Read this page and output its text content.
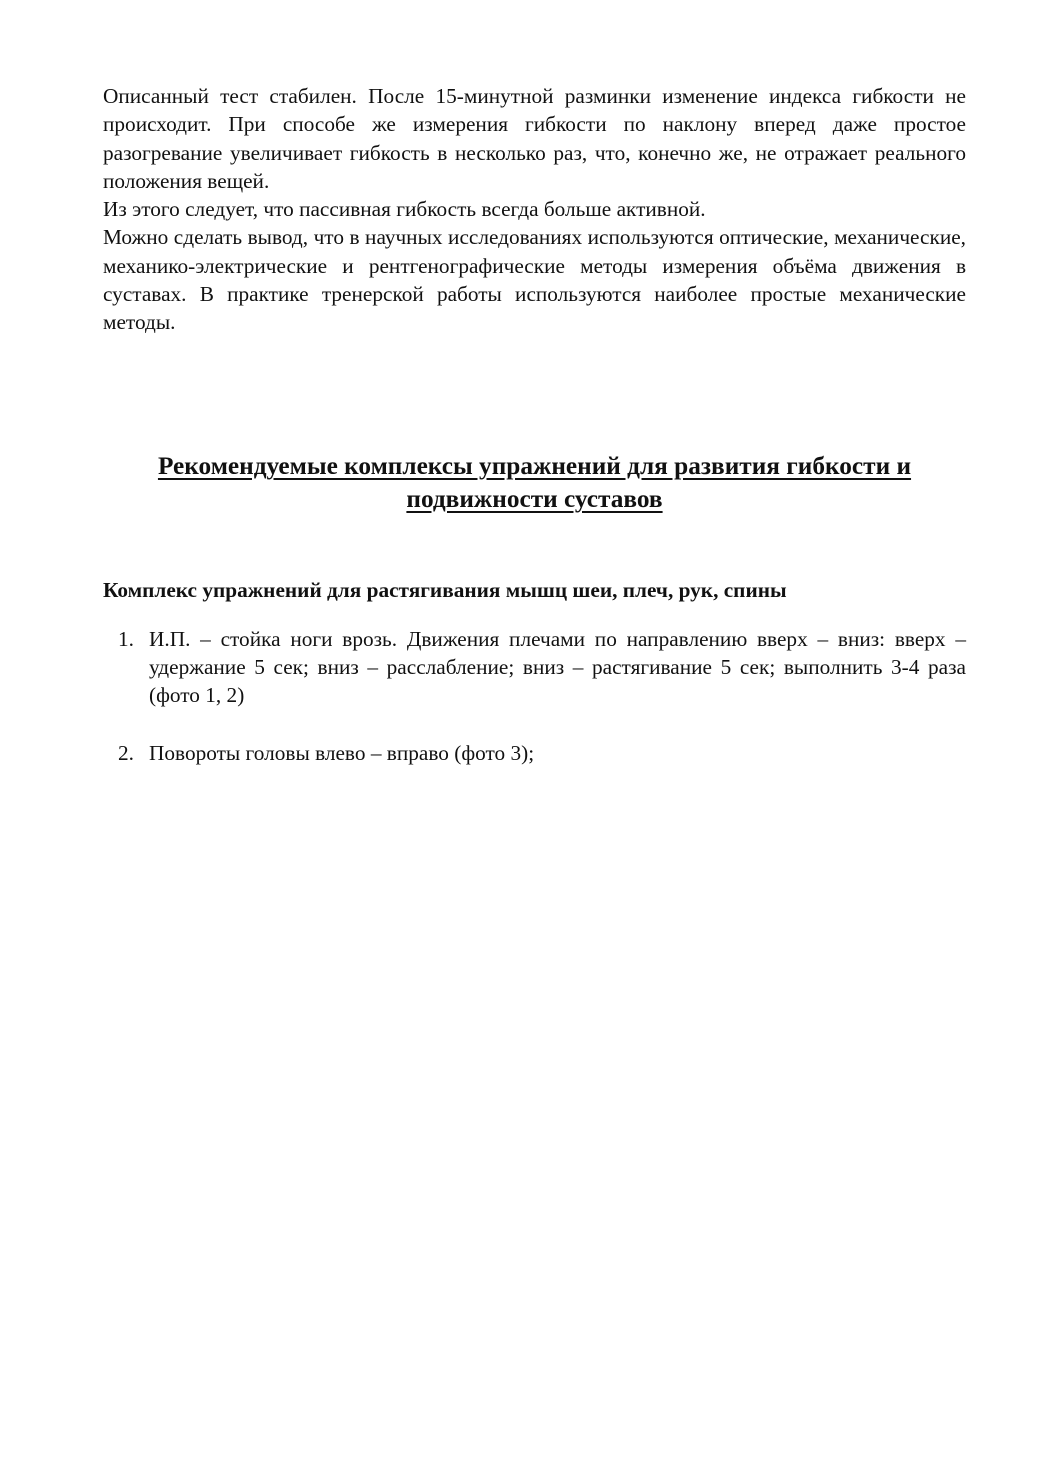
Описанный тест стабилен. После 15-минутной разминки изменение индекса гибкости не происходит. При способе же измерения гибкости по наклону вперед даже простое разогревание увеличивает гибкость в несколько раз, что, конечно же, не отражает реального положения вещей.

Из этого следует, что пассивная гибкость всегда больше активной.

Можно сделать вывод, что в научных исследованиях используются оптические, механические, механико-электрические и рентгенографические методы измерения объёма движения в суставах. В практике тренерской работы используются наиболее простые механические методы.

Рекомендуемые комплексы упражнений для развития гибкости и
подвижности суставов

Комплекс упражнений для растягивания мышц шеи, плеч, рук, спины

1. И.П. – стойка ноги врозь. Движения плечами по направлению вверх – вниз: вверх – удержание 5 сек; вниз – расслабление; вниз – растягивание 5 сек; выполнить 3-4 раза (фото 1, 2)
2. Повороты головы влево – вправо (фото 3);
